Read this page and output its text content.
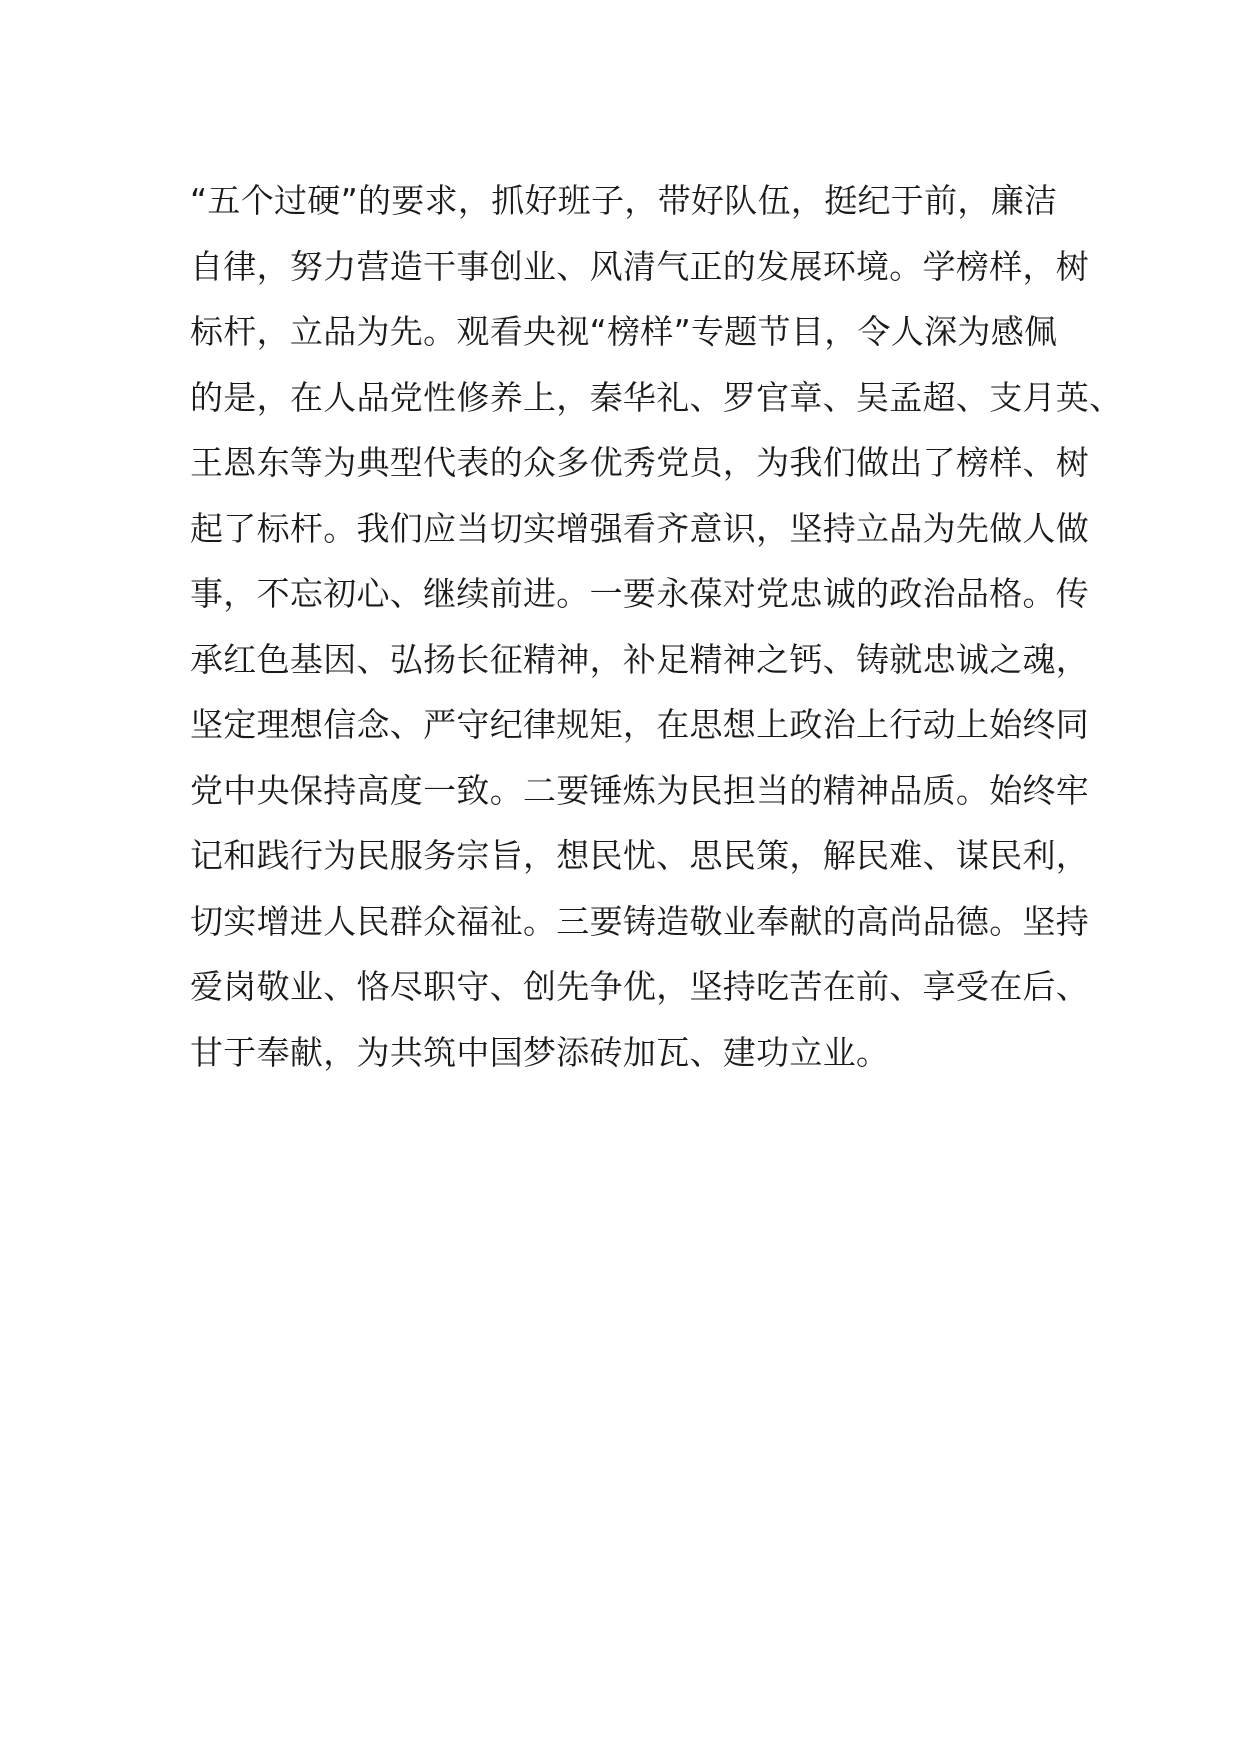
“五个过硬”的要求，抓好班子，带好队伍，挺纪于前，廉洁
自律，努力营造干事创业、风清气正的发展环境。学榜样，树
标杆，立品为先。观看央视“榜样”专题节目，令人深为感佩
的是，在人品党性修养上，秦华礼、罗官章、吴孟超、支月英、
王恩东等为典型代表的众多优秀党员，为我们做出了榜样、树
起了标杆。我们应当切实增强看齐意识，坚持立品为先做人做
事，不忘初心、继续前进。一要永葆对党忠诚的政治品格。传
承红色基因、弘扬长征精神，补足精神之钙、铸就忠诚之魂，
坚定理想信念、严守纪律规矩，在思想上政治上行动上始终同
党中央保持高度一致。二要锤炼为民担当的精神品质。始终牢
记和践行为民服务宗旨，想民忧、思民策，解民难、谋民利，
切实增进人民群众福祉。三要铸造敬业奉献的高尚品德。坚持
爱岗敬业、恪尽职守、创先争优，坚持吃苦在前、享受在后、
甘于奉献，为共筑中国梦添砖加瓦、建功立业。
